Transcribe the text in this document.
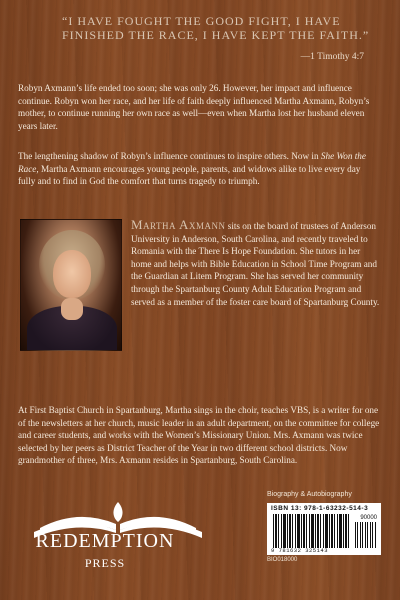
“I HAVE FOUGHT THE GOOD FIGHT, I HAVE FINISHED THE RACE, I HAVE KEPT THE FAITH.”
—1 Timothy 4:7

Robyn Axmann’s life ended too soon; she was only 26. However, her impact and influence continue. Robyn won her race, and her life of faith deeply influenced Martha Axmann, Robyn’s mother, to continue running her own race as well—even when Martha lost her husband eleven years later.

The lengthening shadow of Robyn’s influence continues to inspire others. Now in She Won the Race, Martha Axmann encourages young people, parents, and widows alike to live every day fully and to find in God the comfort that turns tragedy to triumph.

Martha Axmann sits on the board of trustees of Anderson University in Anderson, South Carolina, and recently traveled to Romania with the There Is Hope Foundation. She tutors in her home and helps with Bible Education in School Time Program and the Guardian at Litem Program. She has served her community through the Spartanburg County Adult Education Program and served as a member of the foster care board of Spartanburg County.

At First Baptist Church in Spartanburg, Martha sings in the choir, teaches VBS, is a writer for one of the newsletters at her church, music leader in an adult department, on the committee for college and career students, and works with the Women’s Missionary Union. Mrs. Axmann was twice selected by her peers as District Teacher of the Year in two different school districts. Now grandmother of three, Mrs. Axmann resides in Spartanburg, South Carolina.

REDEMPTION
PRESS
Biography & Autobiography
ISBN 13: 978-1-63232-514-3
90000
9 781632 325143
BIO018000
